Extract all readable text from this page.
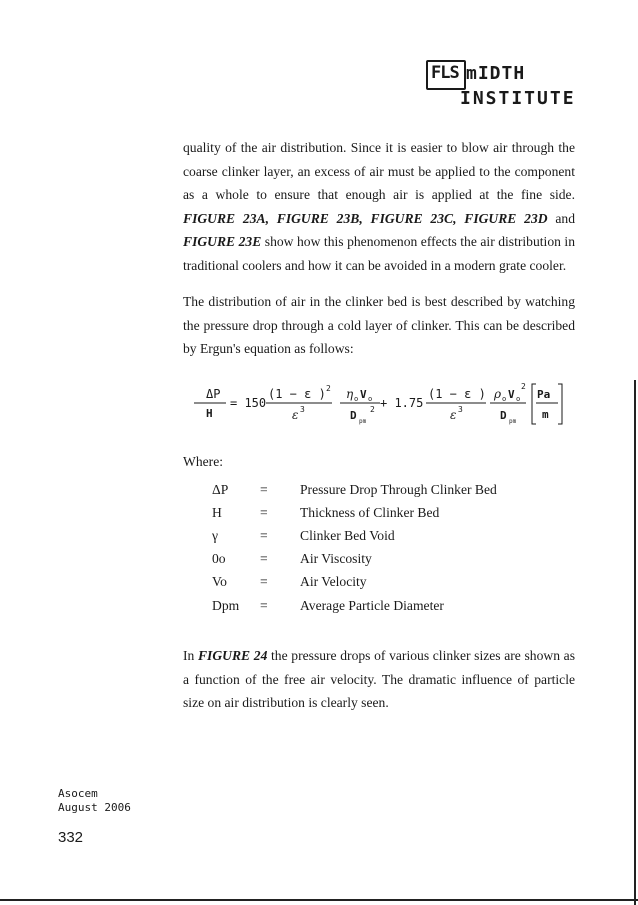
FLS mIDTH
INSTITUTE
quality of the air distribution. Since it is easier to blow air through the coarse clinker layer, an excess of air must be applied to the component as a whole to ensure that enough air is applied at the fine side. FIGURE 23A, FIGURE 23B, FIGURE 23C, FIGURE 23D and FIGURE 23E show how this phenomenon effects the air distribution in traditional coolers and how it can be avoided in a modern grate cooler.
The distribution of air in the clinker bed is best described by watching the pressure drop through a cold layer of clinker. This can be described by Ergun's equation as follows:
ΔP
H
= 150
(1 − ε ) 2
ε 3
η o V o
2
D pm
+ 1.75
(1 − ε )
ε 3
ρ o V o
2
D pm
Pa
m
Where:
ΔP	=	Pressure Drop Through Clinker Bed
H	=	Thickness of Clinker Bed
γ	=	Clinker Bed Void
0o	=	Air Viscosity
Vo	=	Air Velocity
Dpm	=	Average Particle Diameter
In FIGURE 24 the pressure drops of various clinker sizes are shown as a function of the free air velocity. The dramatic influence of particle size on air distribution is clearly seen.
Asocem
August 2006
332
